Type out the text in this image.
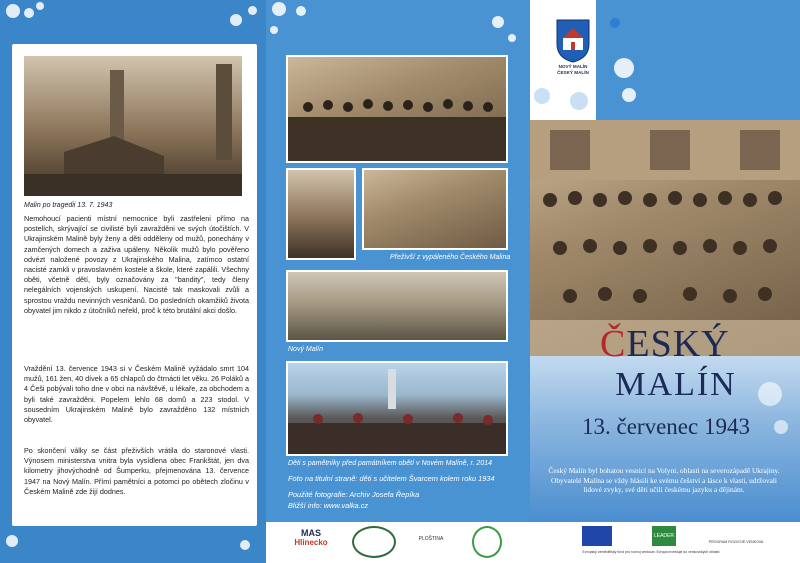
Malin po tragedii 13. 7. 1943
Nemohoucí pacienti místní nemocnice byli zastřeleni přímo na postelích, skrývající se civilisté byli zavražděni ve svých útočištích. V Ukrajinském Malině byly ženy a děti odděleny od mužů, ponechány v zamčených domech a zaživa upáleny. Několik mužů bylo pověřeno odvézt naložené povozy z Ukrajinského Malina, zatímco ostatní nacisté zamkli v pravoslavném kostele a škole, které zapálili. Všechny oběti, včetně dětí, byly označovány za "bandity", tedy členy nelegálních vojenských uskupení. Nacisté tak maskovali zvůli a sprostou vraždu nevinných vesničanů. Do posledních okamžiků života obyvatel jim nikdo z útočníků neřekl, proč k této brutální akci došlo.
Vraždění 13. července 1943 si v Českém Malině vyžádalo smrt 104 mužů, 161 žen, 40 dívek a 65 chlapců do čtrnácti let věku. 26 Poláků a 4 Češi pobývali toho dne v obci na návštěvě, u lékaře, za obchodem a byli také zavražděni. Popelem lehlo 68 domů a 223 stodol. V sousedním Ukrajinském Malině bylo zavražděno 132 místních obyvatel.
Po skončení války se část přeživších vrátila do staronové vlasti. Výnosem ministerstva vnitra byla vysídlena obec Frankštát, jen dva kilometry jihovýchodně od Šumperku, přejmenována 13. července 1947 na Nový Malín. Přímí pamětníci a potomci po obětech zločinu v Českém Malině zde žijí dodnes.
Přeživší z vypáleného Českého Malina
Nový Malín
Děti s pamětníky před památníkem obětí v Novém Malíně, r. 2014
Foto na titulní straně: děti s učitelem Švarcem kolem roku 1934
Použité fotografie: Archiv Josefa Řepíka
Bližší info: www.valka.cz
NOVÝ MALÍN
ČESKÝ MALÍN
ČESKÝ
MALÍN
13. červenec 1943
Český Malín byl bohatou vesnicí na Volyni, oblasti na severozápadě Ukrajiny. Obyvatelé Malína se vždy hlásili ke svému češství a lásce k vlasti, udržovali lidové zvyky, své děti učili českému jazyku a dějinám.
MAS
Hlinecko	PLOŠTINA
Evropský zemědělský fond pro rozvoj venkova: Evropa investuje do venkovských oblastí
LEADER
PROGRAM ROZVOJE VENKOVA
